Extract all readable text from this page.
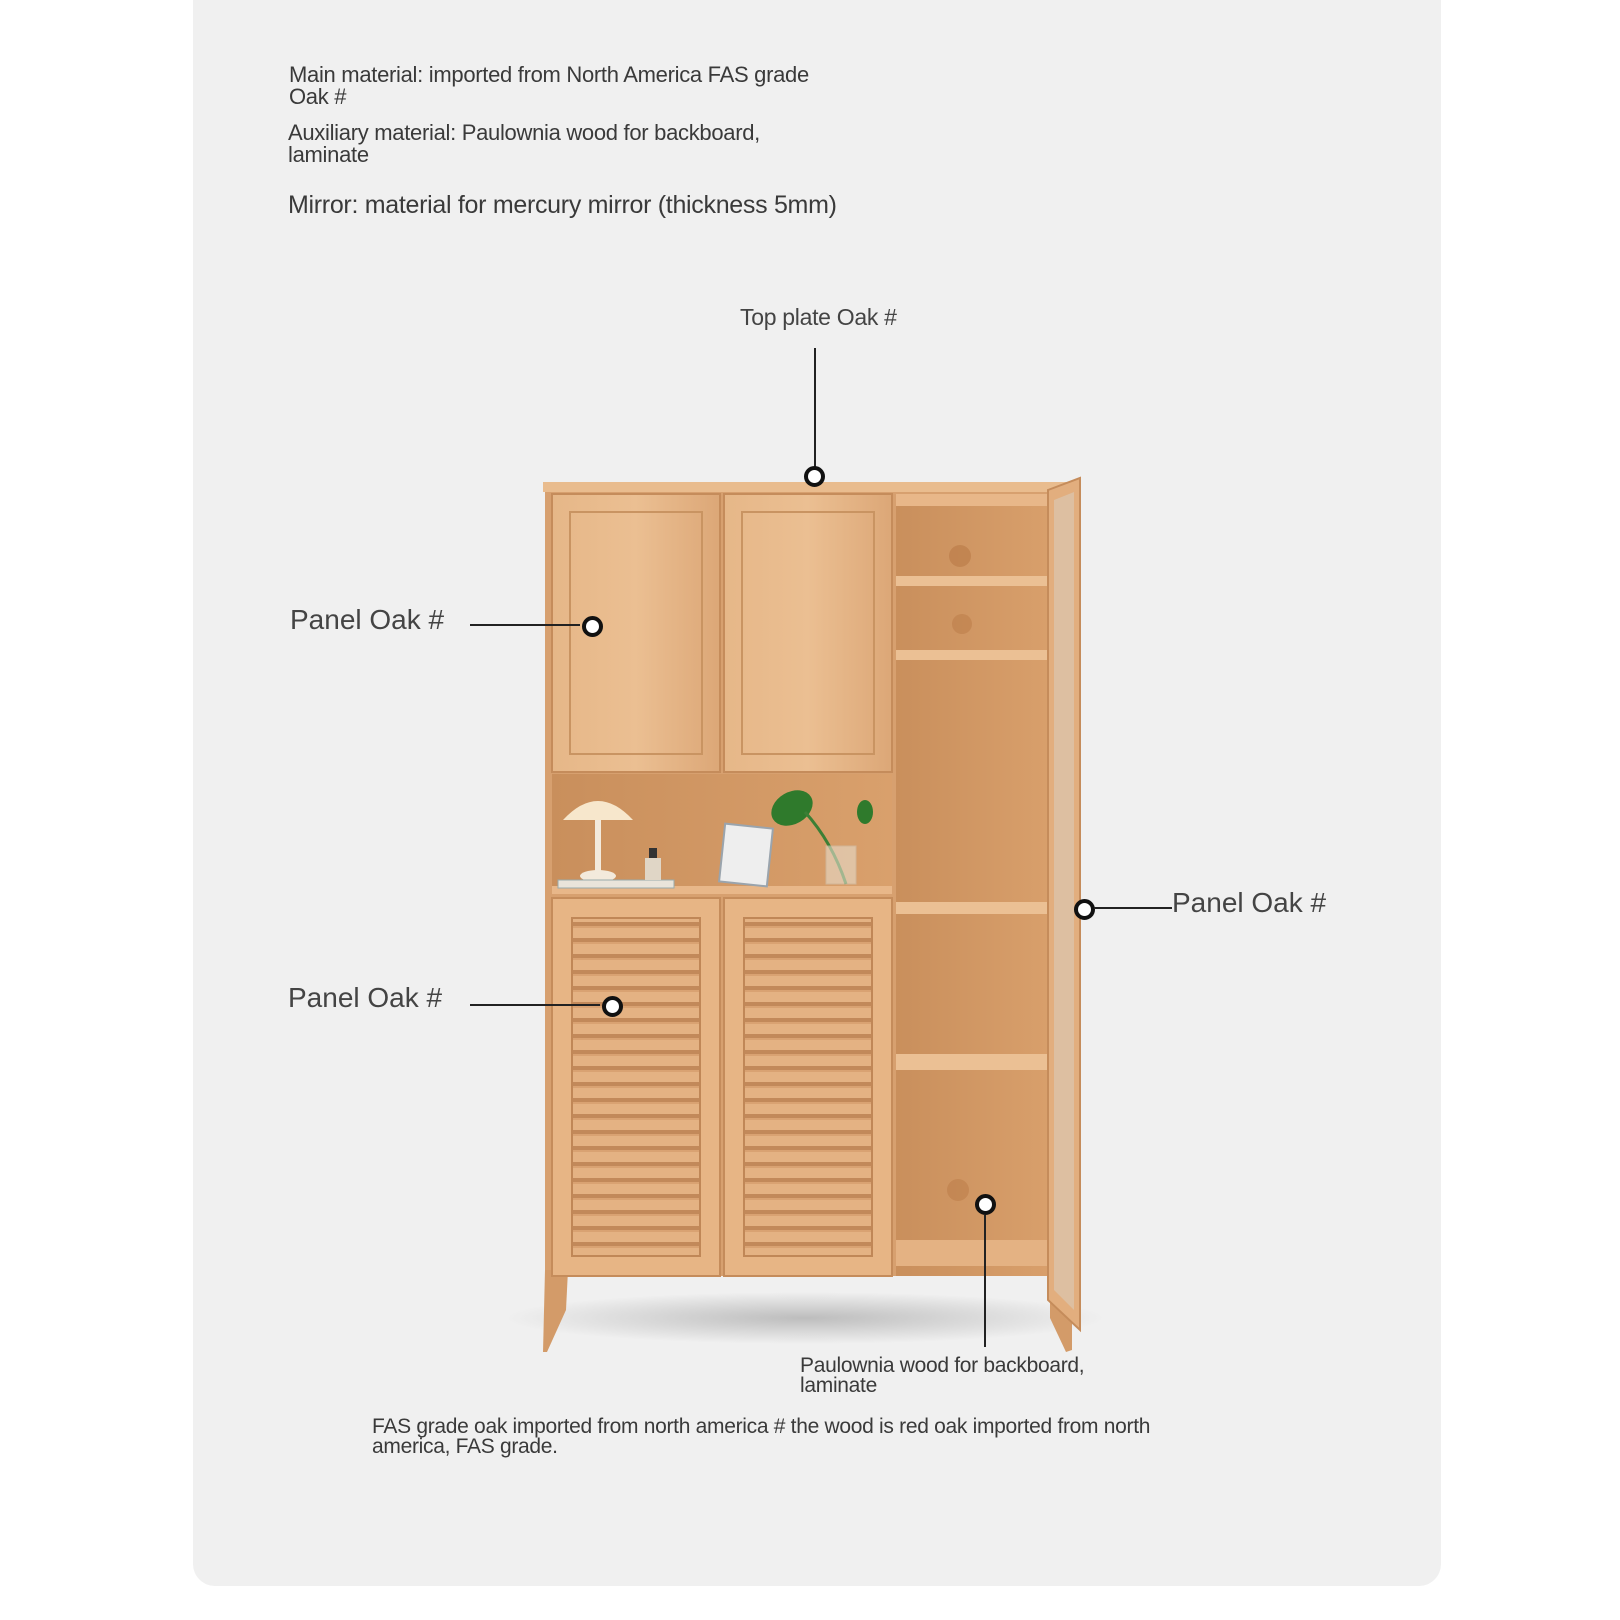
Main material: imported from North America FAS grade
Oak #

Auxiliary material: Paulownia wood for backboard,
laminate

Mirror: material for mercury mirror (thickness 5mm)

Top plate Oak #
Panel Oak #
Panel Oak #
Panel Oak #
Paulownia wood for backboard,
laminate
FAS grade oak imported from north america # the wood is red oak imported from north
america, FAS grade.
